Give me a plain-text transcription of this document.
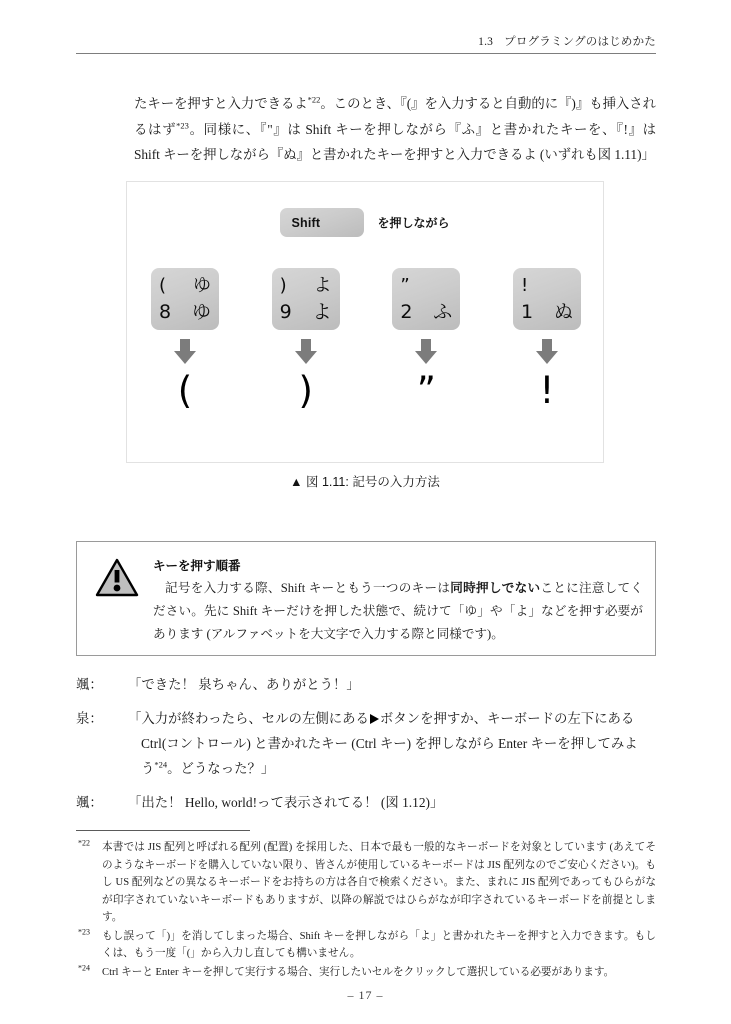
1.3 プログラミングのはじめかた

たキーを押すと入力できるよ$^{*22}$。このとき、『(』を入力すると自動的に『)』も挿入されるはず$^{*23}$。同様に、『"』は Shift キーを押しながら『ふ』と書かれたキーを、『!』は Shift キーを押しながら『ぬ』と書かれたキーを押すと入力できるよ (いずれも図 1.11)」

Shift	を押しながら
( ゆ
8 ゆ
(
) よ
9 よ
)
”
2 ふ
”
!
1 ぬ
!
▲ 図 1.11: 記号の入力方法
キーを押す順番
記号を入力する際、Shift キーともう一つのキーは同時押しでないことに注意してください。先に Shift キーだけを押した状態で、続けて「ゆ」や「よ」などを押す必要があります (アルファベットを大文字で入力する際と同様です)。
颯：	「できた！ 泉ちゃん、ありがとう！」
泉：	「入力が終わったら、セルの左側にある ボタンを押すか、キーボードの左下にある
Ctrl(コントロール) と書かれたキー (Ctrl キー) を押しながら Enter キーを押してみよ
う$^{*24}$。どうなった？」
颯：	「出た！ Hello, world!って表示されてる！ (図 1.12)」
$^{*22}$	本書では JIS 配列と呼ばれる配列 (配置) を採用した、日本で最も一般的なキーボードを対象としています (あえてそのようなキーボードを購入していない限り、皆さんが使用しているキーボードは JIS 配列なのでご安心ください)。もし US 配列などの異なるキーボードをお持ちの方は各自で検索ください。また、まれに JIS 配列であってもひらがなが印字されていないキーボードもありますが、以降の解説ではひらがなが印字されているキーボードを前提とします。
$^{*23}$	もし誤って「)」を消してしまった場合、Shift キーを押しながら「よ」と書かれたキーを押すと入力できます。もしくは、もう一度「(」から入力し直しても構いません。
$^{*24}$	Ctrl キーと Enter キーを押して実行する場合、実行したいセルをクリックして選択している必要があります。
– 17 –
